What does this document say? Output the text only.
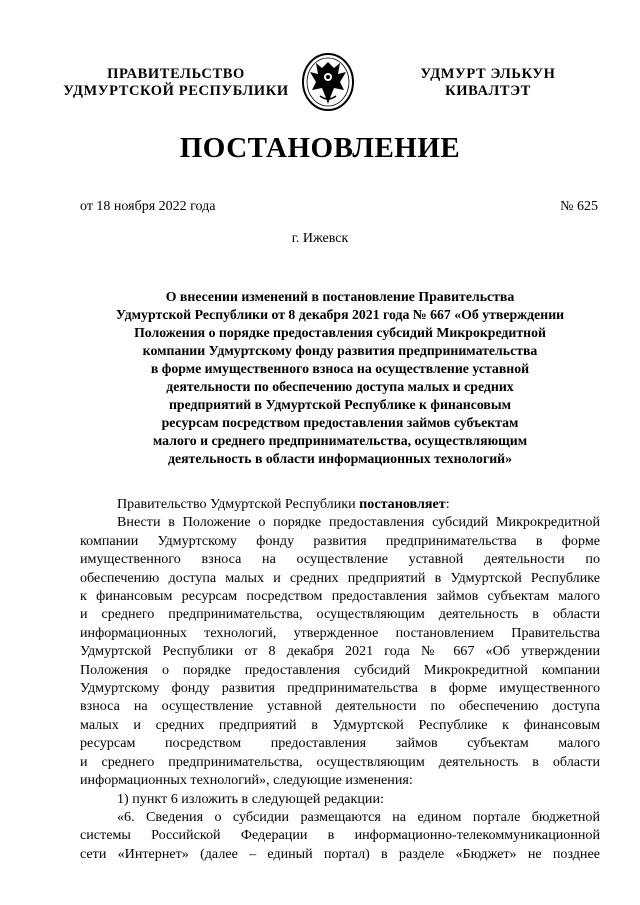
ПРАВИТЕЛЬСТВО
УДМУРТСКОЙ РЕСПУБЛИКИ
УДМУРТ ЭЛЬКУН
КИВАЛТЭТ
ПОСТАНОВЛЕНИЕ
от 18 ноября 2022 года	№ 625
г. Ижевск
О внесении изменений в постановление Правительства
Удмуртской Республики от 8 декабря 2021 года № 667 «Об утверждении
Положения о порядке предоставления субсидий Микрокредитной
компании Удмуртскому фонду развития предпринимательства
в форме имущественного взноса на осуществление уставной
деятельности по обеспечению доступа малых и средних
предприятий в Удмуртской Республике к финансовым
ресурсам посредством предоставления займов субъектам
малого и среднего предпринимательства, осуществляющим
деятельность в области информационных технологий»
Правительство Удмуртской Республики постановляет:
Внести в Положение о порядке предоставления субсидий Микрокредитной
компании Удмуртскому фонду развития предпринимательства в форме
имущественного взноса на осуществление уставной деятельности по
обеспечению доступа малых и средних предприятий в Удмуртской Республике
к финансовым ресурсам посредством предоставления займов субъектам малого
и среднего предпринимательства, осуществляющим деятельность в области
информационных технологий, утвержденное постановлением Правительства
Удмуртской Республики от 8 декабря 2021 года № 667 «Об утверждении
Положения о порядке предоставления субсидий Микрокредитной компании
Удмуртскому фонду развития предпринимательства в форме имущественного
взноса на осуществление уставной деятельности по обеспечению доступа
малых и средних предприятий в Удмуртской Республике к финансовым
ресурсам посредством предоставления займов субъектам малого
и среднего предпринимательства, осуществляющим деятельность в области
информационных технологий», следующие изменения:
1) пункт 6 изложить в следующей редакции:
«6. Сведения о субсидии размещаются на едином портале бюджетной
системы Российской Федерации в информационно-телекоммуникационной
сети «Интернет» (далее – единый портал) в разделе «Бюджет» не позднее
